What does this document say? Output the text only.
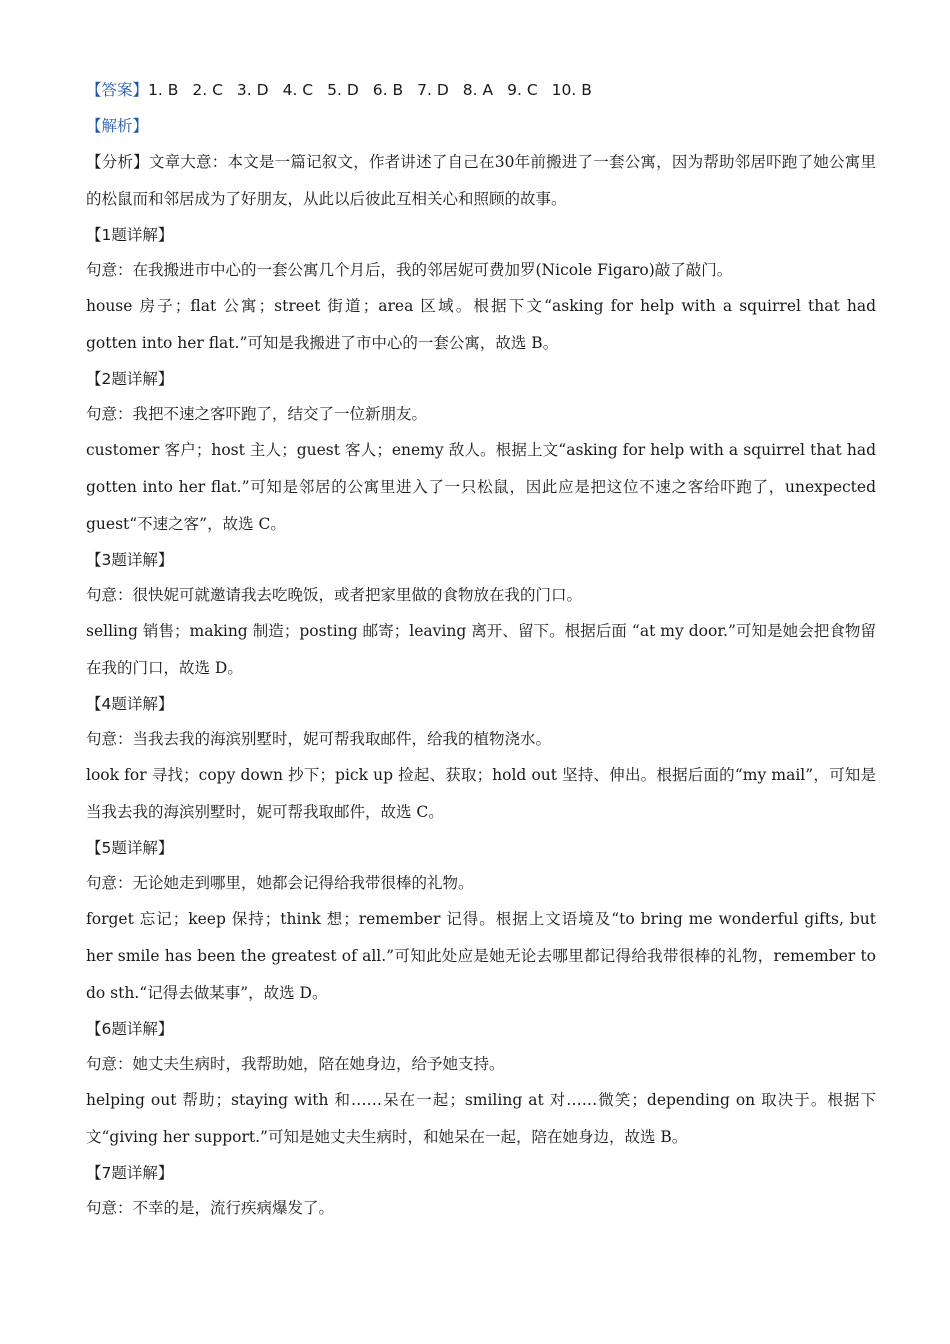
【答案】1. B 2. C 3. D 4. C 5. D 6. B 7. D 8. A 9. C 10. B
【解析】
【分析】文章大意：本文是一篇记叙文，作者讲述了自己在30年前搬进了一套公寓，因为帮助邻居吓跑了她公寓里的松鼠而和邻居成为了好朋友，从此以后彼此互相关心和照顾的故事。
【1题详解】
句意：在我搬进市中心的一套公寓几个月后，我的邻居妮可费加罗(Nicole Figaro)敲了敲门。
house 房子；flat 公寓；street 街道；area 区域。根据下文“asking for help with a squirrel that had gotten into her flat.”可知是我搬进了市中心的一套公寓，故选 B。
【2题详解】
句意：我把不速之客吓跑了，结交了一位新朋友。
customer 客户；host 主人；guest 客人；enemy 敌人。根据上文“asking for help with a squirrel that had gotten into her flat.”可知是邻居的公寓里进入了一只松鼠，因此应是把这位不速之客给吓跑了，unexpected guest“不速之客”，故选 C。
【3题详解】
句意：很快妮可就邀请我去吃晚饭，或者把家里做的食物放在我的门口。
selling 销售；making 制造；posting 邮寄；leaving 离开、留下。根据后面 “at my door.”可知是她会把食物留在我的门口，故选 D。
【4题详解】
句意：当我去我的海滨别墅时，妮可帮我取邮件，给我的植物浇水。
look for 寻找；copy down 抄下；pick up 捡起、获取；hold out 坚持、伸出。根据后面的“my mail”，可知是当我去我的海滨别墅时，妮可帮我取邮件，故选 C。
【5题详解】
句意：无论她走到哪里，她都会记得给我带很棒的礼物。
forget 忘记；keep 保持；think 想；remember 记得。根据上文语境及“to bring me wonderful gifts, but her smile has been the greatest of all.”可知此处应是她无论去哪里都记得给我带很棒的礼物，remember to do sth.“记得去做某事”，故选 D。
【6题详解】
句意：她丈夫生病时，我帮助她，陪在她身边，给予她支持。
helping out 帮助；staying with 和……呆在一起；smiling at 对……微笑；depending on 取决于。根据下文“giving her support.”可知是她丈夫生病时，和她呆在一起，陪在她身边，故选 B。
【7题详解】
句意：不幸的是，流行疾病爆发了。
